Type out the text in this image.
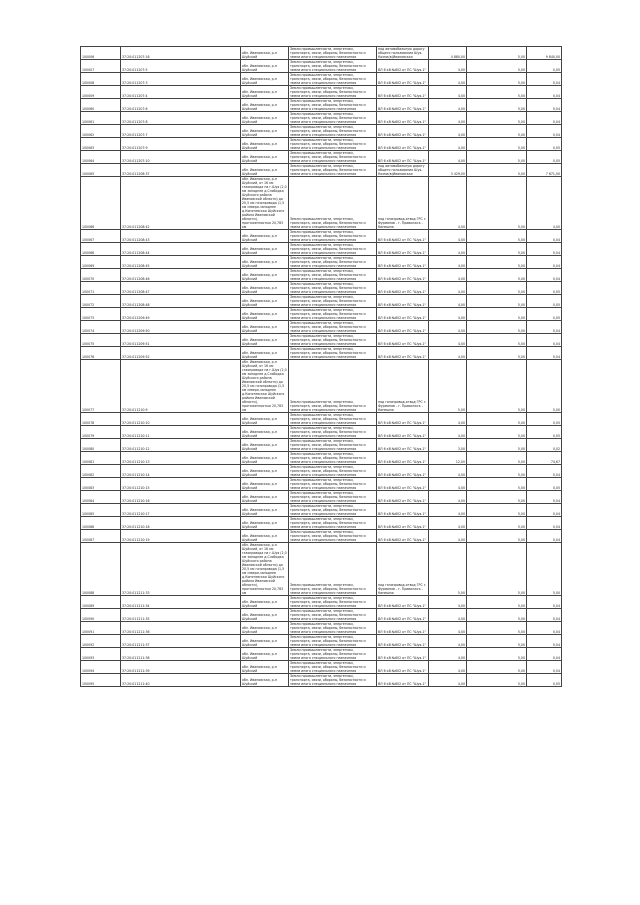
100006	37:20:011207:16	обл. Ивановская, р-н Шуйский	Земли промышленности, энергетики, транспорта, связи, обороны, безопасности и земли иного специального назначения	под автомобильную дорогу общего пользования Шуя-Кохма(в)Ивановская	4 880,00	5,00	9 840,00
100007	37:20:011207:5	обл. Ивановская, р-н Шуйский	Земли промышленности, энергетики, транспорта, связи, обороны, безопасности и земли иного специального назначения	ВЛ 6 кВ №602 от ПС "Шуя-1"	4,00	5,00	0,05
100008	37:20:011207:3	обл. Ивановская, р-н Шуйский	Земли промышленности, энергетики, транспорта, связи, обороны, безопасности и земли иного специального назначения	ВЛ 6 кВ №602 от ПС "Шуя-1"	4,00	5,00	0,04
100009	37:20:011207:4	обл. Ивановская, р-н Шуйский	Земли промышленности, энергетики, транспорта, связи, обороны, безопасности и земли иного специального назначения	ВЛ 6 кВ №602 от ПС "Шуя-1"	4,00	5,00	0,04
100060	37:20:011207:6	обл. Ивановская, р-н Шуйский	Земли промышленности, энергетики, транспорта, связи, обороны, безопасности и земли иного специального назначения	ВЛ 6 кВ №602 от ПС "Шуя-1"	4,00	5,00	0,04
100061	37:20:011207:8	обл. Ивановская, р-н Шуйский	Земли промышленности, энергетики, транспорта, связи, обороны, безопасности и земли иного специального назначения	ВЛ 6 кВ №602 от ПС "Шуя-1"	4,00	5,00	0,04
100062	37:20:011207:7	обл. Ивановская, р-н Шуйский	Земли промышленности, энергетики, транспорта, связи, обороны, безопасности и земли иного специального назначения	ВЛ 6 кВ №602 от ПС "Шуя-1"	4,00	5,00	0,04
100063	37:20:011207:9	обл. Ивановская, р-н Шуйский	Земли промышленности, энергетики, транспорта, связи, обороны, безопасности и земли иного специального назначения	ВЛ 6 кВ №602 от ПС "Шуя-1"	4,00	5,00	0,05
100064	37:20:011207:10	обл. Ивановская, р-н Шуйский	Земли промышленности, энергетики, транспорта, связи, обороны, безопасности и земли иного специального назначения	ВЛ 6 кВ №602 от ПС "Шуя-1"	4,00	5,00	0,05
100065	37:20:011208:37	обл. Ивановская, р-н Шуйский	Земли промышленности, энергетики, транспорта, связи, обороны, безопасности и земли иного специального назначения	под автомобильную дорогу общего пользования Шуя-Кохма(в)Ивановская	3 429,00	5,00	7 671,00
100066	37:20:011208:42	обл. Ивановская, р-н Шуйский, от 16 км газопровода на г.Шуя (2,0 км западнее д.Слободка Шуйского района Ивановской области) до 20,5 км газопровода (1,5 км северо-западнее д.Конятевская Шуйского района Ивановской области), протяженностью 20,783 км	Земли промышленности, энергетики, транспорта, связи, обороны, безопасности и земли иного специального назначения	под газопровод-отвод ГРС г. Фурманов - г. Приволжск - Кинешма	4,00	5,00	4,00
100067	37:20:011208:43	обл. Ивановская, р-н Шуйский	Земли промышленности, энергетики, транспорта, связи, обороны, безопасности и земли иного специального назначения	ВЛ 6 кВ №602 от ПС "Шуя-1"	4,00	5,00	0,04
100068	37:20:011208:44	обл. Ивановская, р-н Шуйский	Земли промышленности, энергетики, транспорта, связи, обороны, безопасности и земли иного специального назначения	ВЛ 6 кВ №602 от ПС "Шуя-1"	4,00	5,00	0,04
100069	37:20:011208:45	обл. Ивановская, р-н Шуйский	Земли промышленности, энергетики, транспорта, связи, обороны, безопасности и земли иного специального назначения	ВЛ 6 кВ №602 от ПС "Шуя-1"	4,00	5,00	0,04
100070	37:20:011208:46	обл. Ивановская, р-н Шуйский	Земли промышленности, энергетики, транспорта, связи, обороны, безопасности и земли иного специального назначения	ВЛ 6 кВ №602 от ПС "Шуя-1"	4,00	5,00	0,04
100071	37:20:011208:47	обл. Ивановская, р-н Шуйский	Земли промышленности, энергетики, транспорта, связи, обороны, безопасности и земли иного специального назначения	ВЛ 6 кВ №602 от ПС "Шуя-1"	4,00	5,00	0,05
100072	37:20:011208:48	обл. Ивановская, р-н Шуйский	Земли промышленности, энергетики, транспорта, связи, обороны, безопасности и земли иного специального назначения	ВЛ 6 кВ №602 от ПС "Шуя-1"	4,00	5,00	0,05
100073	37:20:011209:49	обл. Ивановская, р-н Шуйский	Земли промышленности, энергетики, транспорта, связи, обороны, безопасности и земли иного специального назначения	ВЛ 6 кВ №602 от ПС "Шуя-1"	4,00	5,00	0,05
100074	37:20:011209:50	обл. Ивановская, р-н Шуйский	Земли промышленности, энергетики, транспорта, связи, обороны, безопасности и земли иного специального назначения	ВЛ 6 кВ №602 от ПС "Шуя-1"	4,00	5,00	0,04
100075	37:20:011209:51	обл. Ивановская, р-н Шуйский	Земли промышленности, энергетики, транспорта, связи, обороны, безопасности и земли иного специального назначения	ВЛ 6 кВ №602 от ПС "Шуя-1"	4,00	5,00	0,04
100076	37:20:011209:52	обл. Ивановская, р-н Шуйский	Земли промышленности, энергетики, транспорта, связи, обороны, безопасности и земли иного специального назначения	ВЛ 6 кВ №602 от ПС "Шуя-1"	4,00	5,00	0,04
100077	37:20:011210:9	обл. Ивановская, р-н Шуйский, от 16 км газопровода на г.Шуя (2,0 км западнее д.Слободка Шуйского района Ивановской области) до 20,5 км газопровода (1,5 км северо-западнее д.Конятевская Шуйского района Ивановской области), протяженностью 20,783 км	Земли промышленности, энергетики, транспорта, связи, обороны, безопасности и земли иного специального назначения	под газопровод-отвод ГРС г. Фурманов - г. Приволжск - Кинешма	5,00	5,00	5,00
100078	37:20:011210:10	обл. Ивановская, р-н Шуйский	Земли промышленности, энергетики, транспорта, связи, обороны, безопасности и земли иного специального назначения	ВЛ 6 кВ №602 от ПС "Шуя-1"	4,00	5,00	0,05
100079	37:20:011210:11	обл. Ивановская, р-н Шуйский	Земли промышленности, энергетики, транспорта, связи, обороны, безопасности и земли иного специального назначения	ВЛ 6 кВ №602 от ПС "Шуя-1"	4,00	5,00	0,05
100080	37:20:011210:12	обл. Ивановская, р-н Шуйский	Земли промышленности, энергетики, транспорта, связи, обороны, безопасности и земли иного специального назначения	ВЛ 6 кВ №602 от ПС "Шуя-1"	3,00	5,00	0,02
100081	37:20:011210:13	обл. Ивановская, р-н Шуйский	Земли промышленности, энергетики, транспорта, связи, обороны, безопасности и земли иного специального назначения	ВЛ 6 кВ №602 от ПС "Шуя-1"	12,00	5,00	74,67
100082	37:20:011210:14	обл. Ивановская, р-н Шуйский	Земли промышленности, энергетики, транспорта, связи, обороны, безопасности и земли иного специального назначения	ВЛ 6 кВ №602 от ПС "Шуя-1"	4,00	5,00	0,04
100083	37:20:011210:15	обл. Ивановская, р-н Шуйский	Земли промышленности, энергетики, транспорта, связи, обороны, безопасности и земли иного специального назначения	ВЛ 6 кВ №602 от ПС "Шуя-1"	4,00	5,00	0,05
100084	37:20:011210:16	обл. Ивановская, р-н Шуйский	Земли промышленности, энергетики, транспорта, связи, обороны, безопасности и земли иного специального назначения	ВЛ 6 кВ №602 от ПС "Шуя-1"	4,00	5,00	0,04
100085	37:20:011210:17	обл. Ивановская, р-н Шуйский	Земли промышленности, энергетики, транспорта, связи, обороны, безопасности и земли иного специального назначения	ВЛ 6 кВ №602 от ПС "Шуя-1"	4,00	5,00	0,04
100086	37:20:011210:18	обл. Ивановская, р-н Шуйский	Земли промышленности, энергетики, транспорта, связи, обороны, безопасности и земли иного специального назначения	ВЛ 6 кВ №602 от ПС "Шуя-1"	4,00	5,00	0,04
100087	37:20:011210:19	обл. Ивановская, р-н Шуйский	Земли промышленности, энергетики, транспорта, связи, обороны, безопасности и земли иного специального назначения	ВЛ 6 кВ №602 от ПС "Шуя-1"	4,00	5,00	0,04
100088	37:20:011211:33	обл. Ивановская, р-н Шуйский, от 16 км газопровода на г.Шуя (2,0 км западнее д.Слободка Шуйского района Ивановской области) до 20,5 км газопровода (1,5 км северо-западнее д.Конятевская Шуйского района Ивановской области), протяженностью 20,783 км	Земли промышленности, энергетики, транспорта, связи, обороны, безопасности и земли иного специального назначения	под газопровод-отвод ГРС г. Фурманов - г. Приволжск - Кинешма	5,00	5,00	5,00
100089	37:20:011211:34	обл. Ивановская, р-н Шуйский	Земли промышленности, энергетики, транспорта, связи, обороны, безопасности и земли иного специального назначения	ВЛ 6 кВ №602 от ПС "Шуя-1"	4,00	5,00	0,04
100090	37:20:011211:35	обл. Ивановская, р-н Шуйский	Земли промышленности, энергетики, транспорта, связи, обороны, безопасности и земли иного специального назначения	ВЛ 6 кВ №602 от ПС "Шуя-1"	4,00	5,00	0,04
100091	37:20:011211:36	обл. Ивановская, р-н Шуйский	Земли промышленности, энергетики, транспорта, связи, обороны, безопасности и земли иного специального назначения	ВЛ 6 кВ №602 от ПС "Шуя-1"	4,00	5,00	0,04
100092	37:20:011211:37	обл. Ивановская, р-н Шуйский	Земли промышленности, энергетики, транспорта, связи, обороны, безопасности и земли иного специального назначения	ВЛ 6 кВ №602 от ПС "Шуя-1"	4,00	5,00	0,04
100093	37:20:011211:38	обл. Ивановская, р-н Шуйский	Земли промышленности, энергетики, транспорта, связи, обороны, безопасности и земли иного специального назначения	ВЛ 6 кВ №602 от ПС "Шуя-1"	4,00	5,00	0,04
100094	37:20:011211:39	обл. Ивановская, р-н Шуйский	Земли промышленности, энергетики, транспорта, связи, обороны, безопасности и земли иного специального назначения	ВЛ 6 кВ №602 от ПС "Шуя-1"	4,00	5,00	0,04
100095	37:20:011211:40	обл. Ивановская, р-н Шуйский	Земли промышленности, энергетики, транспорта, связи, обороны, безопасности и земли иного специального назначения	ВЛ 6 кВ №602 от ПС "Шуя-1"	4,00	5,00	0,05
